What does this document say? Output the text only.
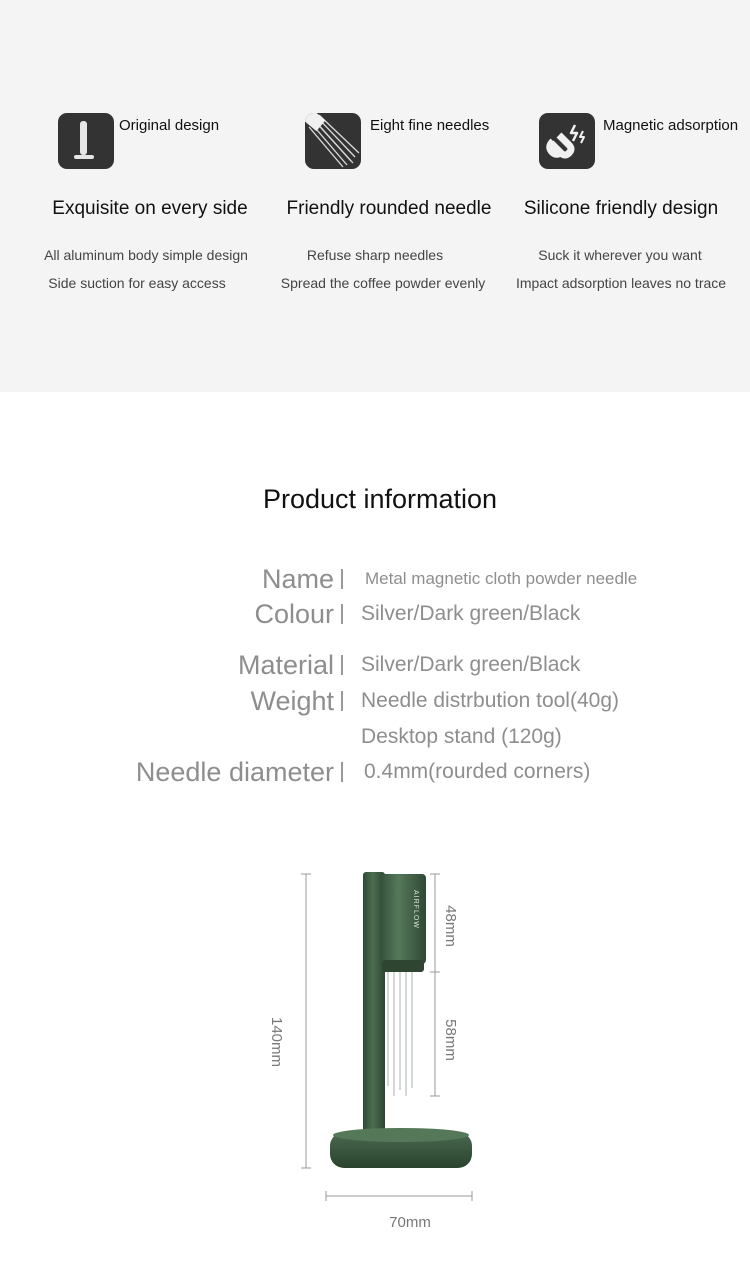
Original design
Exquisite on every side
All aluminum body simple design
Side suction for easy access
Eight fine needles
Friendly rounded needle
Refuse sharp needles
Spread the coffee powder evenly
Magnetic adsorption
Silicone friendly design
Suck it wherever you want
Impact adsorption leaves no trace
Product information
Name Metal magnetic cloth powder needle
Colour Silver/Dark green/Black
Material Silver/Dark green/Black
Weight Needle distrbution tool(40g)
Desktop stand (120g)
Needle diameter 0.4mm(rourded corners)
140mm
48mm
58mm
AIRFLOW
70mm
